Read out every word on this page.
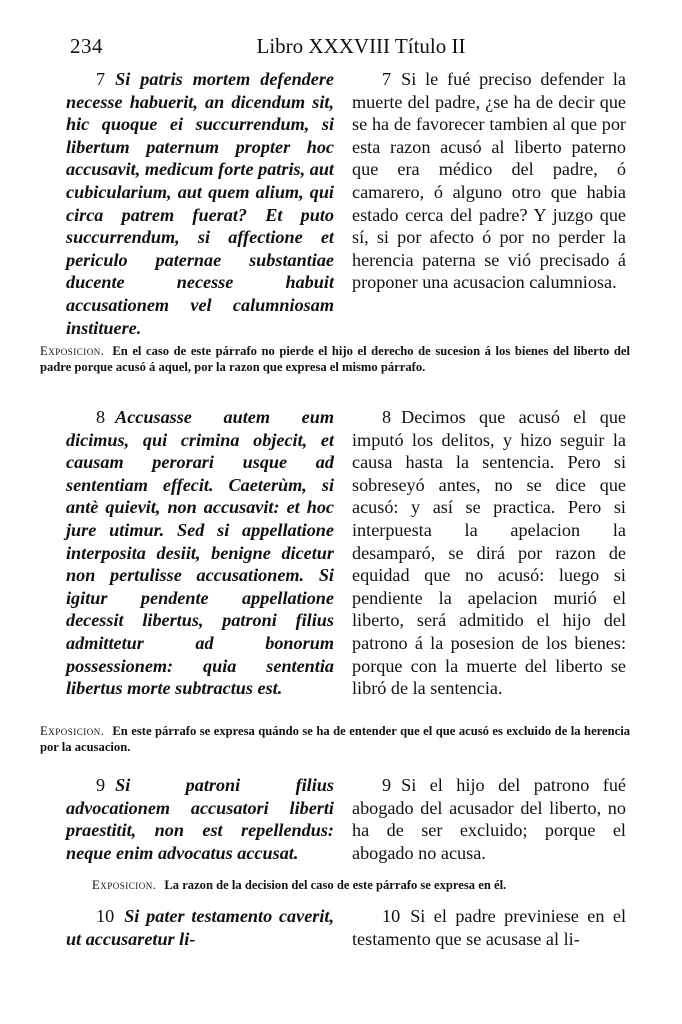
234	Libro XXXVIII Título II

7 Si patris mortem defendere necesse habuerit, an dicendum sit, hic quoque ei succurrendum, si libertum paternum propter hoc accusavit, medicum forte patris, aut cubicularium, aut quem alium, qui circa patrem fuerat? Et puto succurrendum, si affectione et periculo paternae substantiae ducente necesse habuit accusationem vel calumniosam instituere.

7 Si le fué preciso defender la muerte del padre, ¿se ha de decir que se ha de favorecer tambien al que por esta razon acusó al liberto paterno que era médico del padre, ó camarero, ó alguno otro que habia estado cerca del padre? Y juzgo que sí, si por afecto ó por no perder la herencia paterna se vió precisado á proponer una acusacion calumniosa.

Exposicion. En el caso de este párrafo no pierde el hijo el derecho de sucesion á los bienes del liberto del padre porque acusó á aquel, por la razon que expresa el mismo párrafo.

8 Accusasse autem eum dicimus, qui crimina objecit, et causam perorari usque ad sententiam effecit. Caeterùm, si antè quievit, non accusavit: et hoc jure utimur. Sed si appellatione interposita desiit, benigne dicetur non pertulisse accusationem. Si igitur pendente appellatione decessit libertus, patroni filius admittetur ad bonorum possessionem: quia sententia libertus morte subtractus est.

8 Decimos que acusó el que imputó los delitos, y hizo seguir la causa hasta la sentencia. Pero si sobreseyó antes, no se dice que acusó: y así se practica. Pero si interpuesta la apelacion la desamparó, se dirá por razon de equidad que no acusó: luego si pendiente la apelacion murió el liberto, será admitido el hijo del patrono á la posesion de los bienes: porque con la muerte del liberto se libró de la sentencia.

Exposicion. En este párrafo se expresa quándo se ha de entender que el que acusó es excluido de la herencia por la acusacion.

9 Si patroni filius advocationem accusatori liberti praestitit, non est repellendus: neque enim advocatus accusat.

9 Si el hijo del patrono fué abogado del acusador del liberto, no ha de ser excluido; porque el abogado no acusa.

Exposicion. La razon de la decision del caso de este párrafo se expresa en él.

10 Si pater testamento caverit, ut accusaretur li-

10 Si el padre previniese en el testamento que se acusase al li-
